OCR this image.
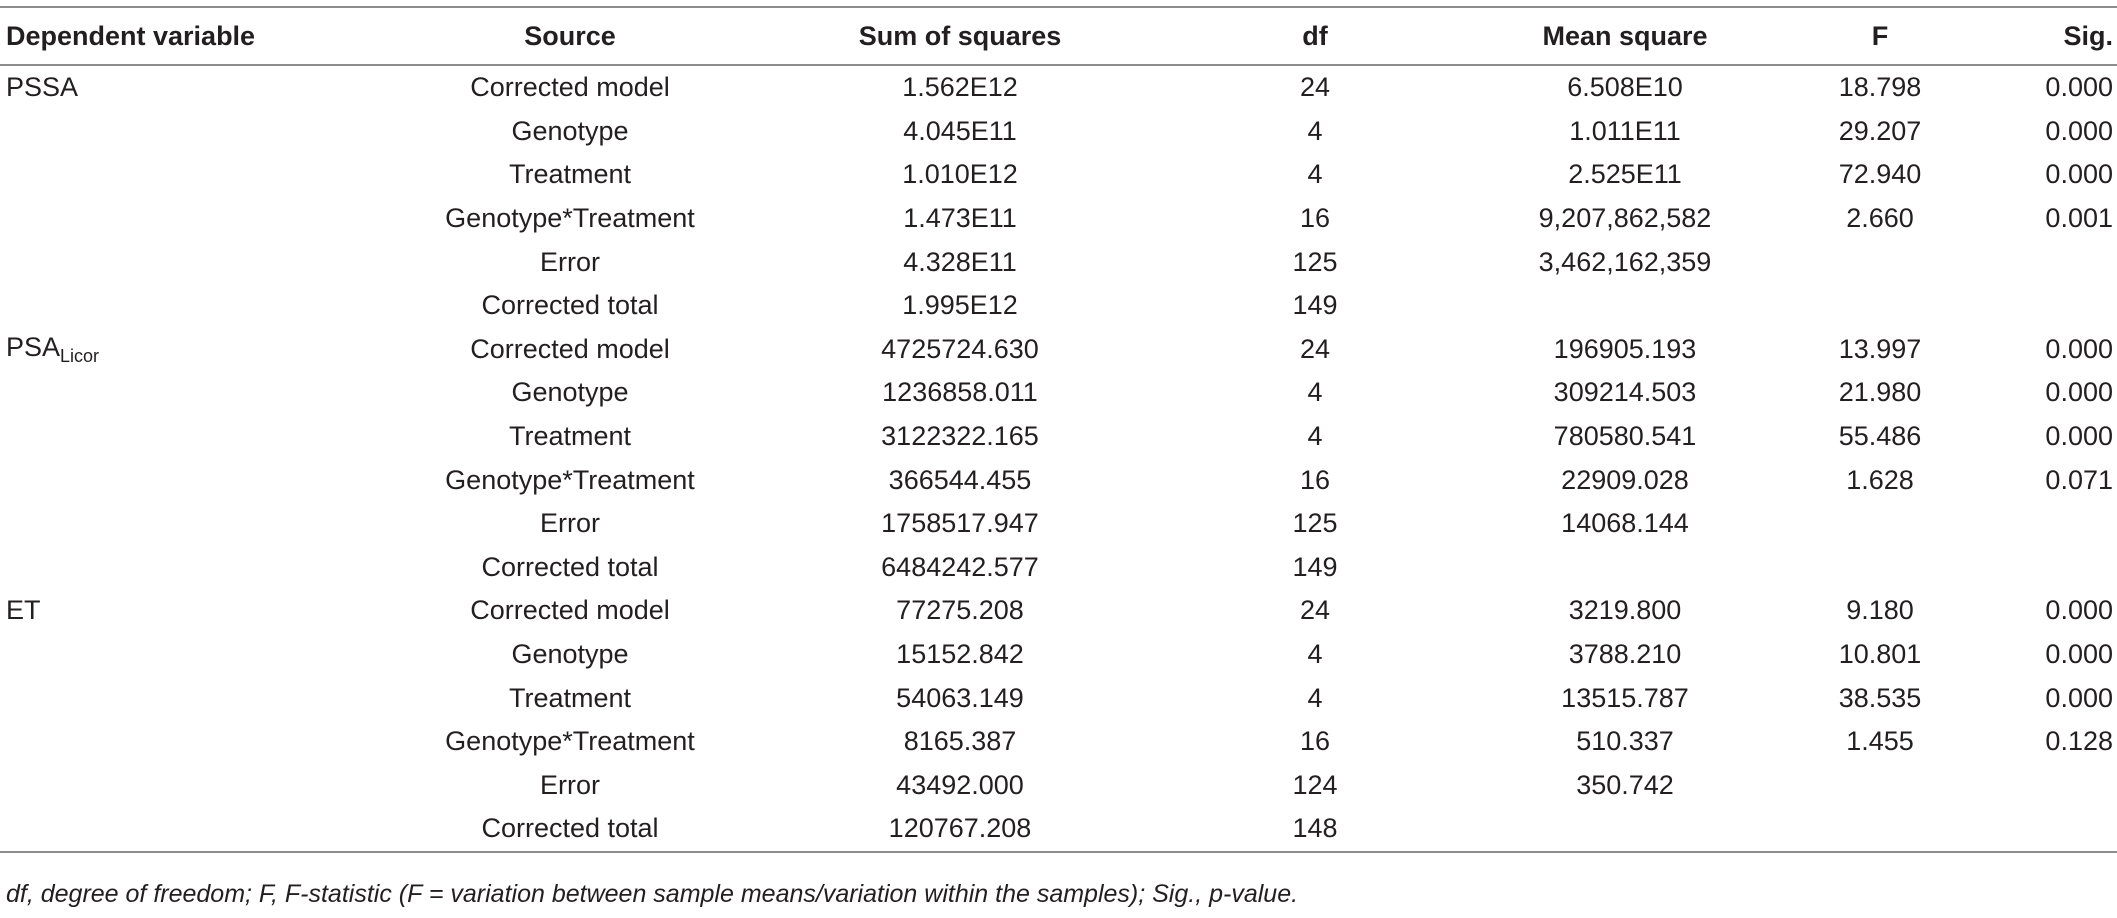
Dependent variable	Source	Sum of squares	df	Mean square	F	Sig.
PSSA	Corrected model	1.562E12	24	6.508E10	18.798	0.000
	Genotype	4.045E11	4	1.011E11	29.207	0.000
	Treatment	1.010E12	4	2.525E11	72.940	0.000
	Genotype*Treatment	1.473E11	16	9,207,862,582	2.660	0.001
	Error	4.328E11	125	3,462,162,359		
	Corrected total	1.995E12	149			
$PSA_{Licor}$	Corrected model	4725724.630	24	196905.193	13.997	0.000
	Genotype	1236858.011	4	309214.503	21.980	0.000
	Treatment	3122322.165	4	780580.541	55.486	0.000
	Genotype*Treatment	366544.455	16	22909.028	1.628	0.071
	Error	1758517.947	125	14068.144		
	Corrected total	6484242.577	149			
ET	Corrected model	77275.208	24	3219.800	9.180	0.000
	Genotype	15152.842	4	3788.210	10.801	0.000
	Treatment	54063.149	4	13515.787	38.535	0.000
	Genotype*Treatment	8165.387	16	510.337	1.455	0.128
	Error	43492.000	124	350.742		
	Corrected total	120767.208	148			
df, degree of freedom; F, F-statistic (F = variation between sample means/variation within the samples); Sig., p-value.
